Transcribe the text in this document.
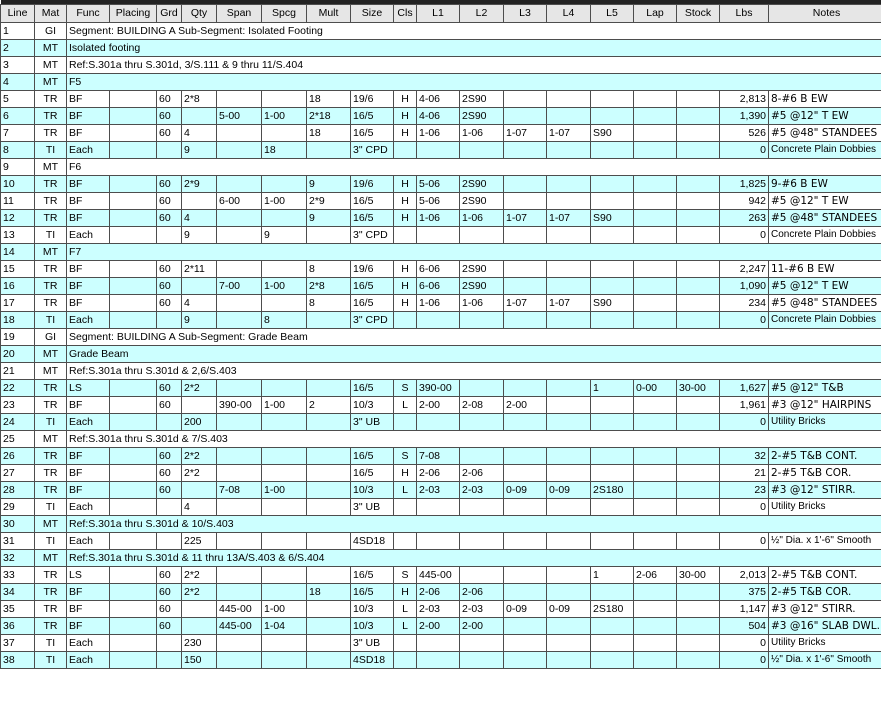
Line	Mat	Func	Placing	Grd	Qty	Span	Spcg	Mult	Size	Cls	L1	L2	L3	L4	L5	Lap	Stock	Lbs	Notes
1	GI	Segment: BUILDING A Sub-Segment: Isolated Footing																	
2	MT	Isolated footing																	
3	MT	Ref:S.301a thru S.301d, 3/S.111 & 9 thru 11/S.404																	
4	MT	F5																	
5	TR	BF		60	2*8			18	19/6	H	4-06	2S90						2,813	8-#6 B EW
6	TR	BF		60		5-00	1-00	2*18	16/5	H	4-06	2S90						1,390	#5 @12" T EW
7	TR	BF		60	4			18	16/5	H	1-06	1-06	1-07	1-07	S90			526	#5 @48" STANDEES
8	TI	Each			9		18		3" CPD									0	Concrete Plain Dobbies
9	MT	F6																	
10	TR	BF		60	2*9			9	19/6	H	5-06	2S90						1,825	9-#6 B EW
11	TR	BF		60		6-00	1-00	2*9	16/5	H	5-06	2S90						942	#5 @12" T EW
12	TR	BF		60	4			9	16/5	H	1-06	1-06	1-07	1-07	S90			263	#5 @48" STANDEES
13	TI	Each			9		9		3" CPD									0	Concrete Plain Dobbies
14	MT	F7																	
15	TR	BF		60	2*11			8	19/6	H	6-06	2S90						2,247	11-#6 B EW
16	TR	BF		60		7-00	1-00	2*8	16/5	H	6-06	2S90						1,090	#5 @12" T EW
17	TR	BF		60	4			8	16/5	H	1-06	1-06	1-07	1-07	S90			234	#5 @48" STANDEES
18	TI	Each			9		8		3" CPD									0	Concrete Plain Dobbies
19	GI	Segment: BUILDING A Sub-Segment: Grade Beam																	
20	MT	Grade Beam																	
21	MT	Ref:S.301a thru S.301d & 2,6/S.403																	
22	TR	LS		60	2*2				16/5	S	390-00				1	0-00	30-00	1,627	#5 @12" T&B
23	TR	BF		60		390-00	1-00	2	10/3	L	2-00	2-08	2-00					1,961	#3 @12" HAIRPINS
24	TI	Each			200				3" UB									0	Utility Bricks
25	MT	Ref:S.301a thru S.301d & 7/S.403																	
26	TR	BF		60	2*2				16/5	S	7-08							32	2-#5 T&B CONT.
27	TR	BF		60	2*2				16/5	H	2-06	2-06						21	2-#5 T&B COR.
28	TR	BF		60		7-08	1-00		10/3	L	2-03	2-03	0-09	0-09	2S180			23	#3 @12" STIRR.
29	TI	Each			4				3" UB									0	Utility Bricks
30	MT	Ref:S.301a thru S.301d & 10/S.403																	
31	TI	Each			225				4SD18									0	½" Dia. x 1'-6" Smooth
32	MT	Ref:S.301a thru S.301d & 11 thru 13A/S.403 & 6/S.404																	
33	TR	LS		60	2*2				16/5	S	445-00				1	2-06	30-00	2,013	2-#5 T&B CONT.
34	TR	BF		60	2*2			18	16/5	H	2-06	2-06						375	2-#5 T&B COR.
35	TR	BF		60		445-00	1-00		10/3	L	2-03	2-03	0-09	0-09	2S180			1,147	#3 @12" STIRR.
36	TR	BF		60		445-00	1-04		10/3	L	2-00	2-00						504	#3 @16" SLAB DWL.
37	TI	Each			230				3" UB									0	Utility Bricks
38	TI	Each			150				4SD18									0	½" Dia. x 1'-6" Smooth
